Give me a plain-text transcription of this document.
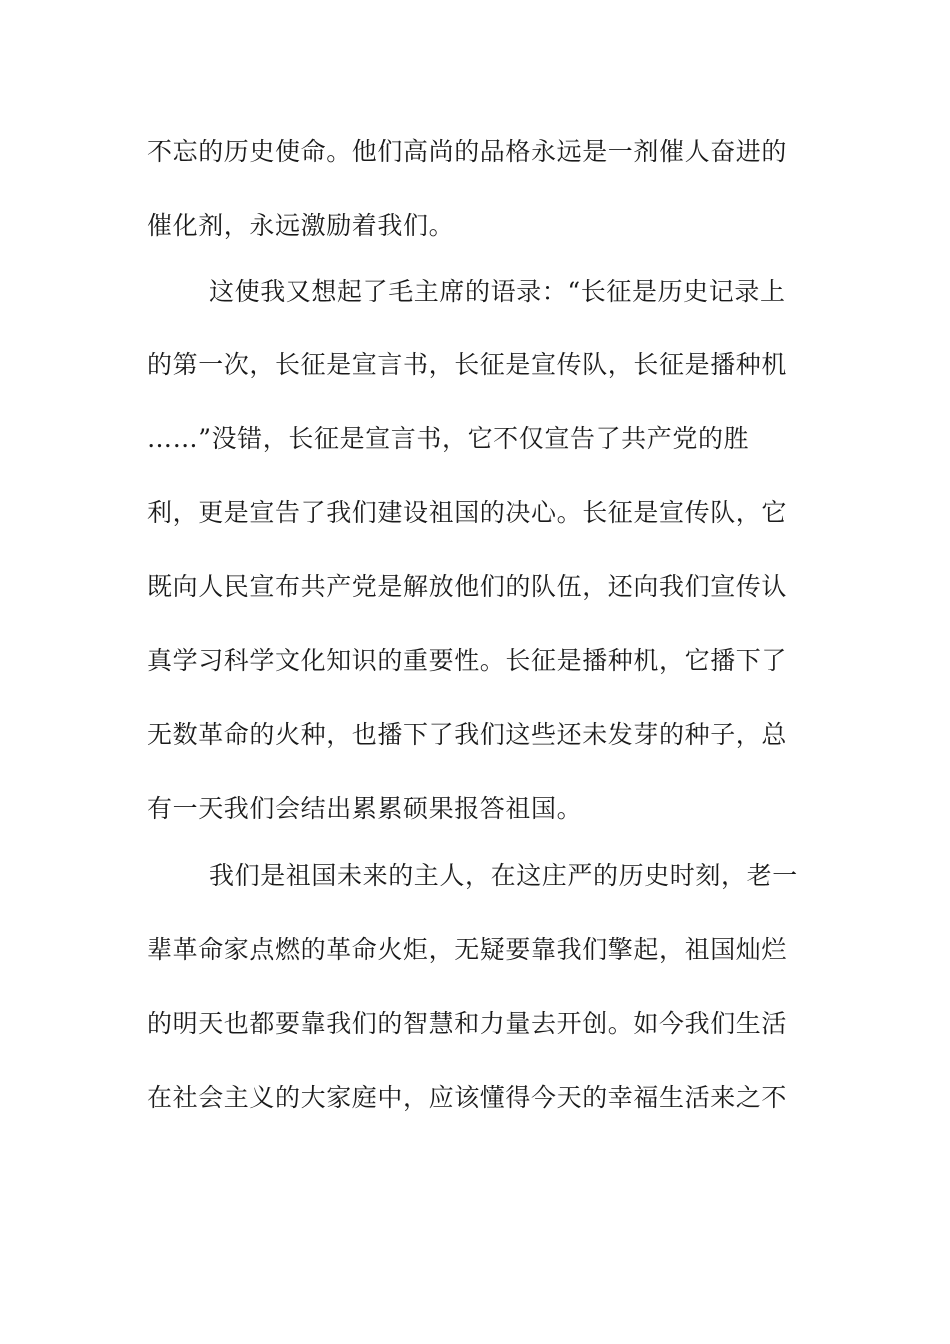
不忘的历史使命。他们高尚的品格永远是一剂催人奋进的
催化剂，永远激励着我们。
这使我又想起了毛主席的语录：“长征是历史记录上
的第一次，长征是宣言书，长征是宣传队，长征是播种机
……”没错，长征是宣言书，它不仅宣告了共产党的胜
利，更是宣告了我们建设祖国的决心。长征是宣传队，它
既向人民宣布共产党是解放他们的队伍，还向我们宣传认
真学习科学文化知识的重要性。长征是播种机，它播下了
无数革命的火种，也播下了我们这些还未发芽的种子，总
有一天我们会结出累累硕果报答祖国。
我们是祖国未来的主人，在这庄严的历史时刻，老一
辈革命家点燃的革命火炬，无疑要靠我们擎起，祖国灿烂
的明天也都要靠我们的智慧和力量去开创。如今我们生活
在社会主义的大家庭中，应该懂得今天的幸福生活来之不
